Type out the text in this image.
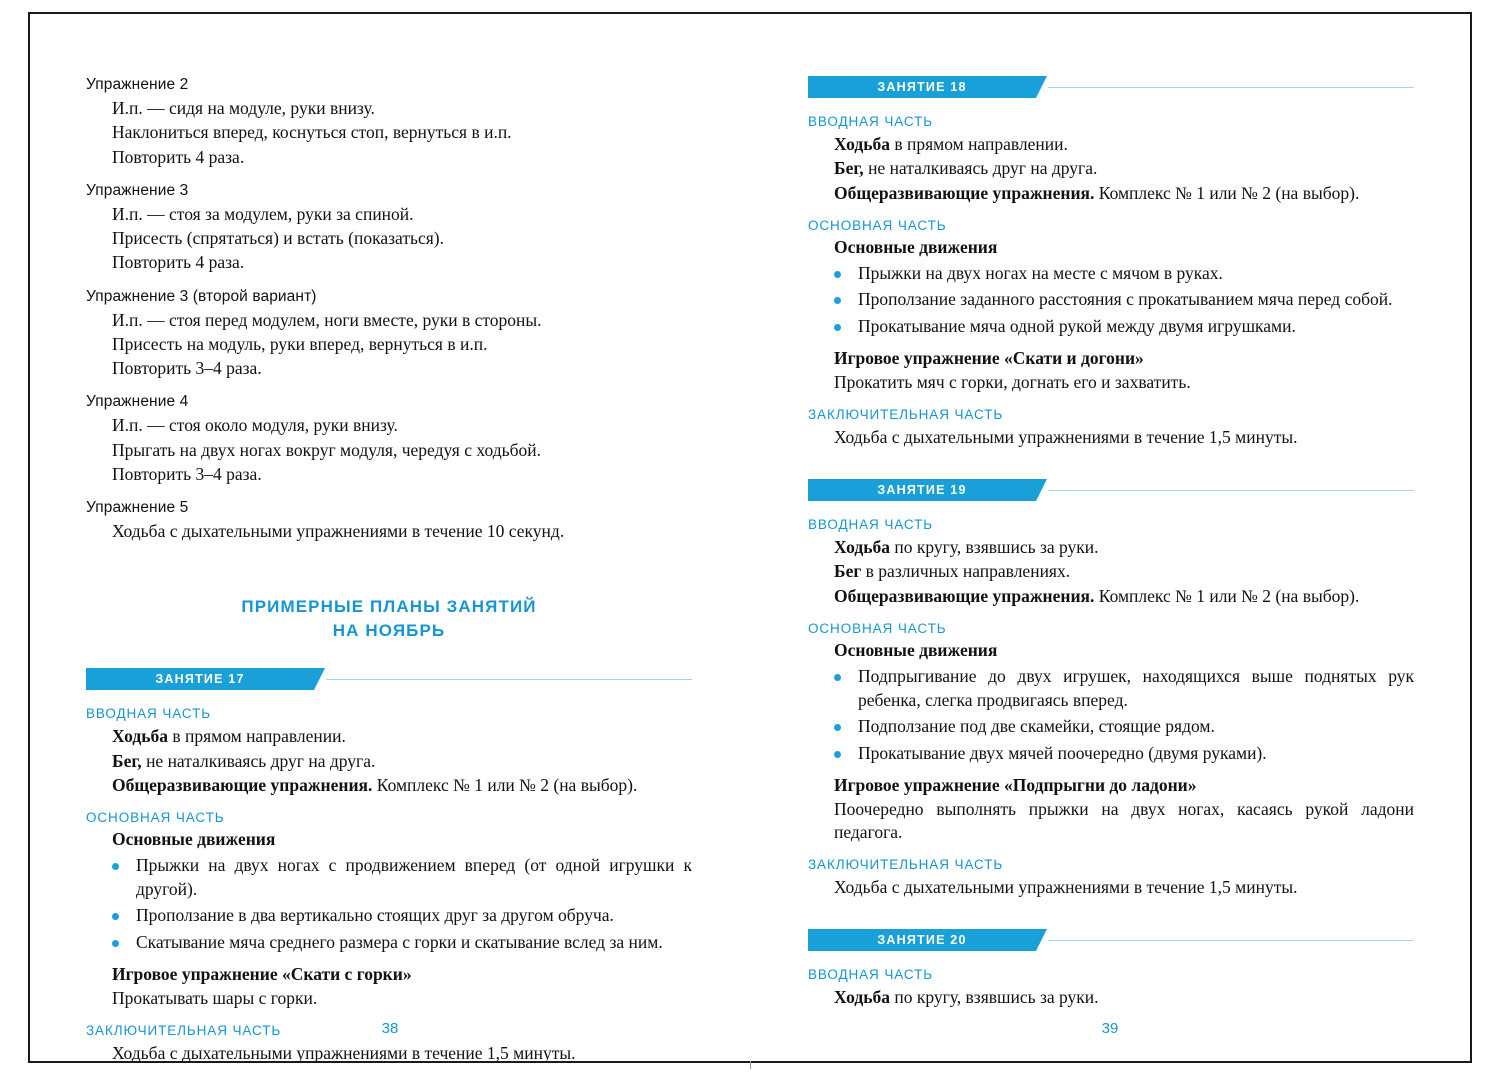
Упражнение 2
И.п. — сидя на модуле, руки внизу.
Наклониться вперед, коснуться стоп, вернуться в и.п.
Повторить 4 раза.
Упражнение 3
И.п. — стоя за модулем, руки за спиной.
Присесть (спрятаться) и встать (показаться).
Повторить 4 раза.
Упражнение 3 (второй вариант)
И.п. — стоя перед модулем, ноги вместе, руки в стороны.
Присесть на модуль, руки вперед, вернуться в и.п.
Повторить 3–4 раза.
Упражнение 4
И.п. — стоя около модуля, руки внизу.
Прыгать на двух ногах вокруг модуля, чередуя с ходьбой.
Повторить 3–4 раза.
Упражнение 5
Ходьба с дыхательными упражнениями в течение 10 секунд.
ПРИМЕРНЫЕ ПЛАНЫ ЗАНЯТИЙ
НА НОЯБРЬ
ЗАНЯТИЕ 17
ВВОДНАЯ ЧАСТЬ
Ходьба в прямом направлении.
Бег, не наталкиваясь друг на друга.
Общеразвивающие упражнения. Комплекс № 1 или № 2 (на выбор).
ОСНОВНАЯ ЧАСТЬ
Основные движения
Прыжки на двух ногах с продвижением вперед (от одной игрушки к другой).
Проползание в два вертикально стоящих друг за другом обруча.
Скатывание мяча среднего размера с горки и скатывание вслед за ним.
Игровое упражнение «Скати с горки»
Прокатывать шары с горки.
ЗАКЛЮЧИТЕЛЬНАЯ ЧАСТЬ
Ходьба с дыхательными упражнениями в течение 1,5 минуты.
ЗАНЯТИЕ 18
ВВОДНАЯ ЧАСТЬ
Ходьба в прямом направлении.
Бег, не наталкиваясь друг на друга.
Общеразвивающие упражнения. Комплекс № 1 или № 2 (на выбор).
ОСНОВНАЯ ЧАСТЬ
Основные движения
Прыжки на двух ногах на месте с мячом в руках.
Проползание заданного расстояния с прокатыванием мяча перед собой.
Прокатывание мяча одной рукой между двумя игрушками.
Игровое упражнение «Скати и догони»
Прокатить мяч с горки, догнать его и захватить.
ЗАКЛЮЧИТЕЛЬНАЯ ЧАСТЬ
Ходьба с дыхательными упражнениями в течение 1,5 минуты.
ЗАНЯТИЕ 19
ВВОДНАЯ ЧАСТЬ
Ходьба по кругу, взявшись за руки.
Бег в различных направлениях.
Общеразвивающие упражнения. Комплекс № 1 или № 2 (на выбор).
ОСНОВНАЯ ЧАСТЬ
Основные движения
Подпрыгивание до двух игрушек, находящихся выше поднятых рук ребенка, слегка продвигаясь вперед.
Подползание под две скамейки, стоящие рядом.
Прокатывание двух мячей поочередно (двумя руками).
Игровое упражнение «Подпрыгни до ладони»
Поочередно выполнять прыжки на двух ногах, касаясь рукой ладони педагога.
ЗАКЛЮЧИТЕЛЬНАЯ ЧАСТЬ
Ходьба с дыхательными упражнениями в течение 1,5 минуты.
ЗАНЯТИЕ 20
ВВОДНАЯ ЧАСТЬ
Ходьба по кругу, взявшись за руки.
38	39
